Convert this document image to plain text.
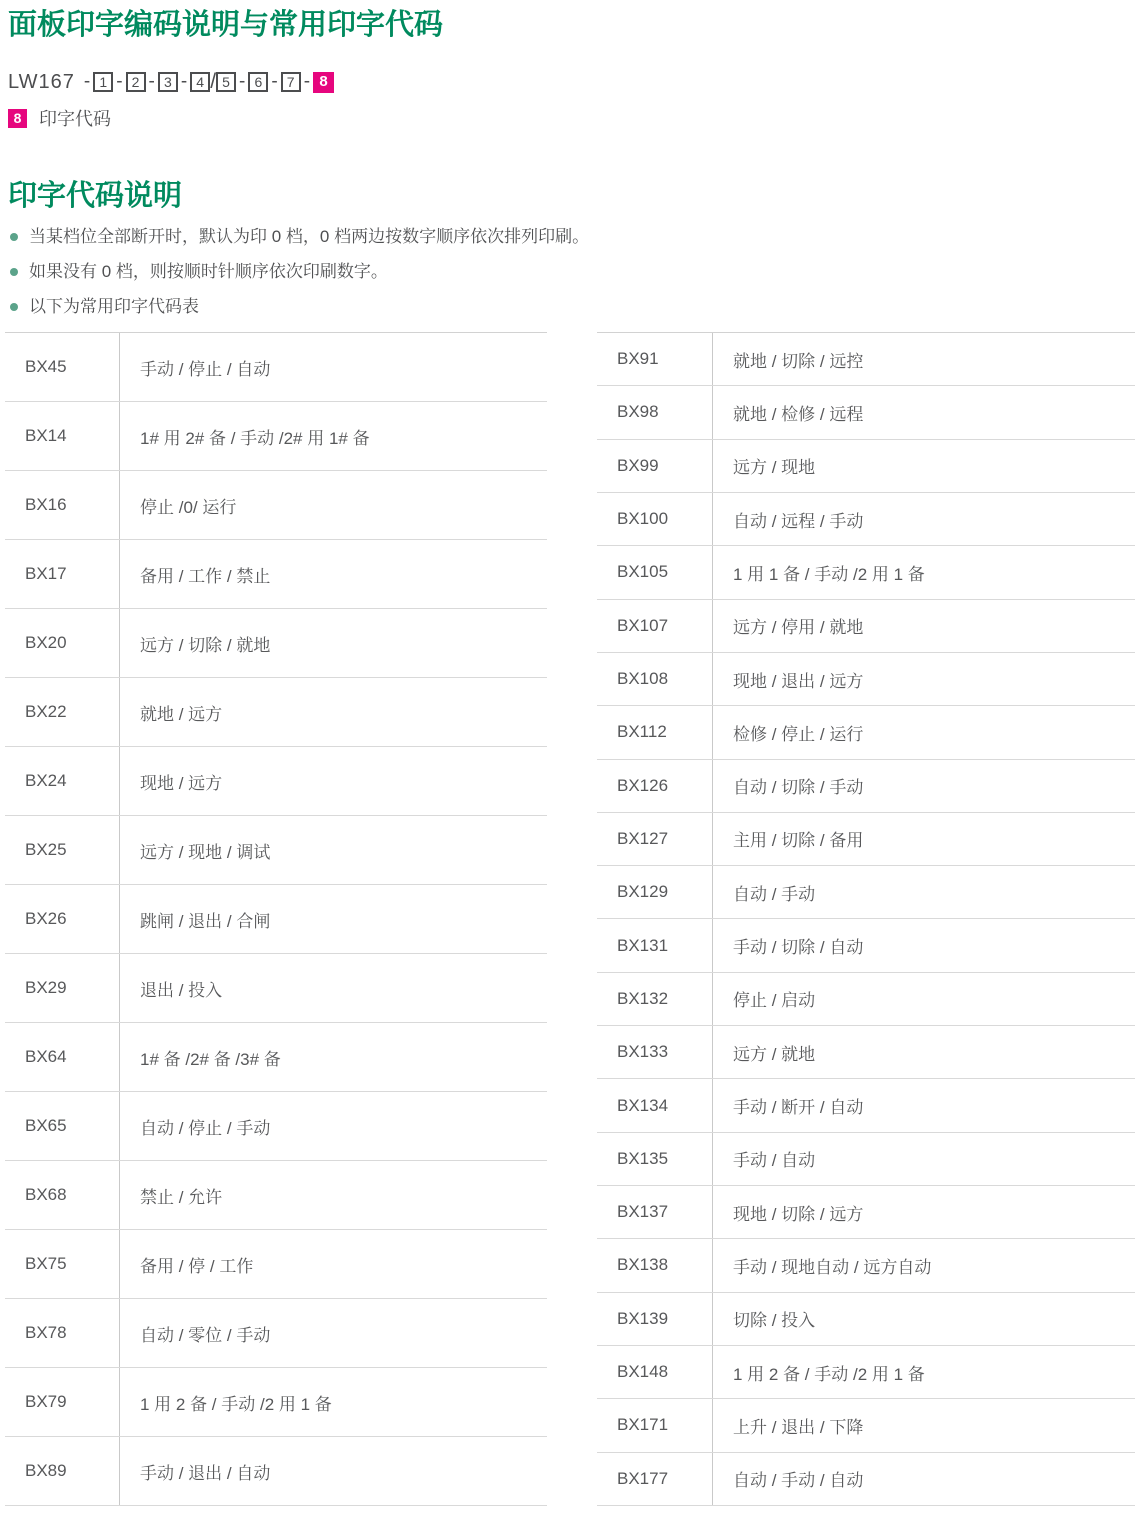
面板印字编码说明与常用印字代码
LW167 - 1 - 2 - 3 - 4 / 5 - 6 - 7 - 8
8 印字代码
印字代码说明
当某档位全部断开时，默认为印 0 档，0 档两边按数字顺序依次排列印刷。
如果没有 0 档，则按顺时针顺序依次印刷数字。
以下为常用印字代码表
BX45	手动 / 停止 / 自动
BX14	1# 用 2# 备 / 手动 /2# 用 1# 备
BX16	停止 /0/ 运行
BX17	备用 / 工作 / 禁止
BX20	远方 / 切除 / 就地
BX22	就地 / 远方
BX24	现地 / 远方
BX25	远方 / 现地 / 调试
BX26	跳闸 / 退出 / 合闸
BX29	退出 / 投入
BX64	1# 备 /2# 备 /3# 备
BX65	自动 / 停止 / 手动
BX68	禁止 / 允许
BX75	备用 / 停 / 工作
BX78	自动 / 零位 / 手动
BX79	1 用 2 备 / 手动 /2 用 1 备
BX89	手动 / 退出 / 自动
BX91	就地 / 切除 / 远控
BX98	就地 / 检修 / 远程
BX99	远方 / 现地
BX100	自动 / 远程 / 手动
BX105	1 用 1 备 / 手动 /2 用 1 备
BX107	远方 / 停用 / 就地
BX108	现地 / 退出 / 远方
BX112	检修 / 停止 / 运行
BX126	自动 / 切除 / 手动
BX127	主用 / 切除 / 备用
BX129	自动 / 手动
BX131	手动 / 切除 / 自动
BX132	停止 / 启动
BX133	远方 / 就地
BX134	手动 / 断开 / 自动
BX135	手动 / 自动
BX137	现地 / 切除 / 远方
BX138	手动 / 现地自动 / 远方自动
BX139	切除 / 投入
BX148	1 用 2 备 / 手动 /2 用 1 备
BX171	上升 / 退出 / 下降
BX177	自动 / 手动 / 自动
